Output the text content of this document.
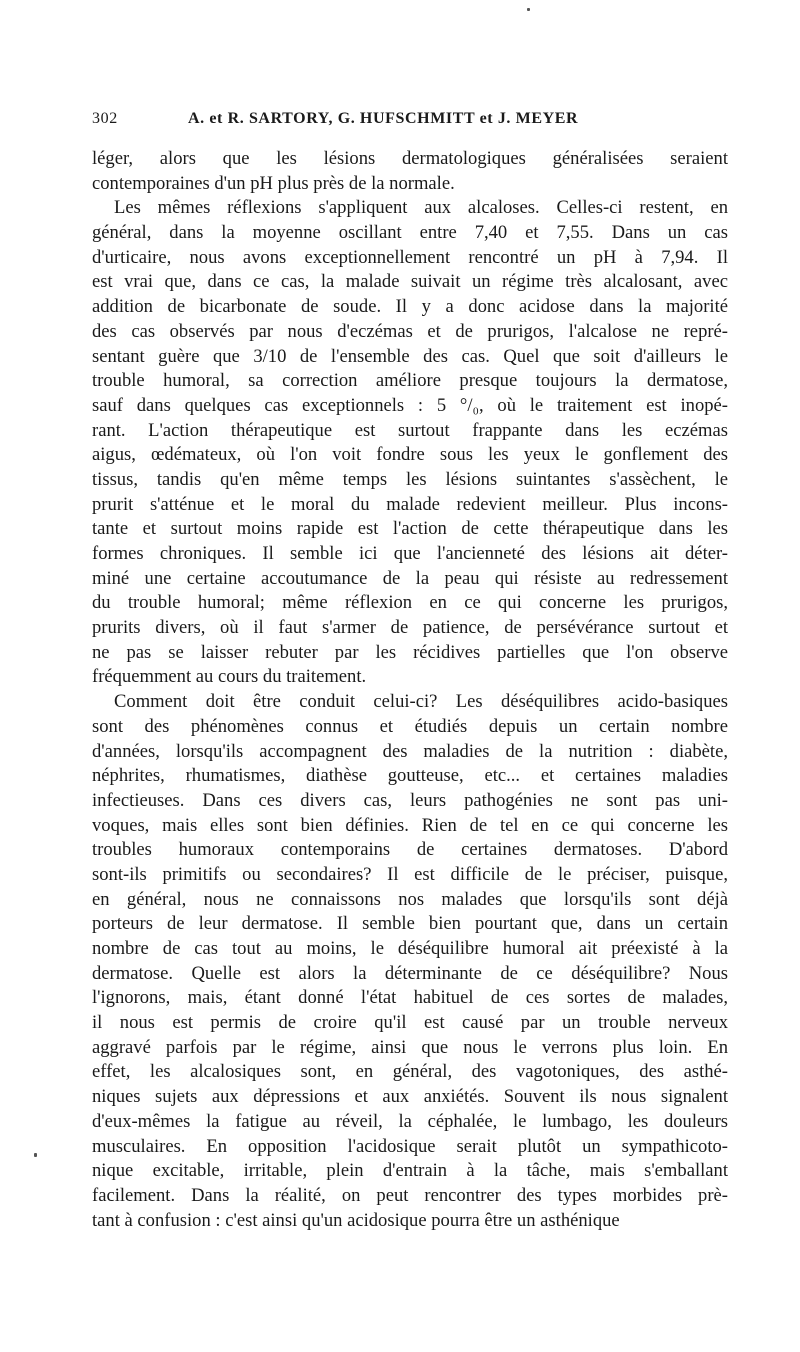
302	A. et R. SARTORY, G. HUFSCHMITT et J. MEYER
léger, alors que les lésions dermatologiques généralisées seraient
contemporaines d'un pH plus près de la normale.
Les mêmes réflexions s'appliquent aux alcaloses. Celles-ci restent, en
général, dans la moyenne oscillant entre 7,40 et 7,55. Dans un cas
d'urticaire, nous avons exceptionnellement rencontré un pH à 7,94. Il
est vrai que, dans ce cas, la malade suivait un régime très alcalosant, avec
addition de bicarbonate de soude. Il y a donc acidose dans la majorité
des cas observés par nous d'eczémas et de prurigos, l'alcalose ne repré-
sentant guère que 3/10 de l'ensemble des cas. Quel que soit d'ailleurs le
trouble humoral, sa correction améliore presque toujours la dermatose,
sauf dans quelques cas exceptionnels : 5 °/₀, où le traitement est inopé-
rant. L'action thérapeutique est surtout frappante dans les eczémas
aigus, œdémateux, où l'on voit fondre sous les yeux le gonflement des
tissus, tandis qu'en même temps les lésions suintantes s'assèchent, le
prurit s'atténue et le moral du malade redevient meilleur. Plus incons-
tante et surtout moins rapide est l'action de cette thérapeutique dans les
formes chroniques. Il semble ici que l'ancienneté des lésions ait déter-
miné une certaine accoutumance de la peau qui résiste au redressement
du trouble humoral; même réflexion en ce qui concerne les prurigos,
prurits divers, où il faut s'armer de patience, de persévérance surtout et
ne pas se laisser rebuter par les récidives partielles que l'on observe
fréquemment au cours du traitement.
Comment doit être conduit celui-ci? Les déséquilibres acido-basiques
sont des phénomènes connus et étudiés depuis un certain nombre
d'années, lorsqu'ils accompagnent des maladies de la nutrition : diabète,
néphrites, rhumatismes, diathèse goutteuse, etc... et certaines maladies
infectieuses. Dans ces divers cas, leurs pathogénies ne sont pas uni-
voques, mais elles sont bien définies. Rien de tel en ce qui concerne les
troubles humoraux contemporains de certaines dermatoses. D'abord
sont-ils primitifs ou secondaires? Il est difficile de le préciser, puisque,
en général, nous ne connaissons nos malades que lorsqu'ils sont déjà
porteurs de leur dermatose. Il semble bien pourtant que, dans un certain
nombre de cas tout au moins, le déséquilibre humoral ait préexisté à la
dermatose. Quelle est alors la déterminante de ce déséquilibre? Nous
l'ignorons, mais, étant donné l'état habituel de ces sortes de malades,
il nous est permis de croire qu'il est causé par un trouble nerveux
aggravé parfois par le régime, ainsi que nous le verrons plus loin. En
effet, les alcalosiques sont, en général, des vagotoniques, des asthé-
niques sujets aux dépressions et aux anxiétés. Souvent ils nous signalent
d'eux-mêmes la fatigue au réveil, la céphalée, le lumbago, les douleurs
musculaires. En opposition l'acidosique serait plutôt un sympathicoto-
nique excitable, irritable, plein d'entrain à la tâche, mais s'emballant
facilement. Dans la réalité, on peut rencontrer des types morbides prè-
tant à confusion : c'est ainsi qu'un acidosique pourra être un asthénique
